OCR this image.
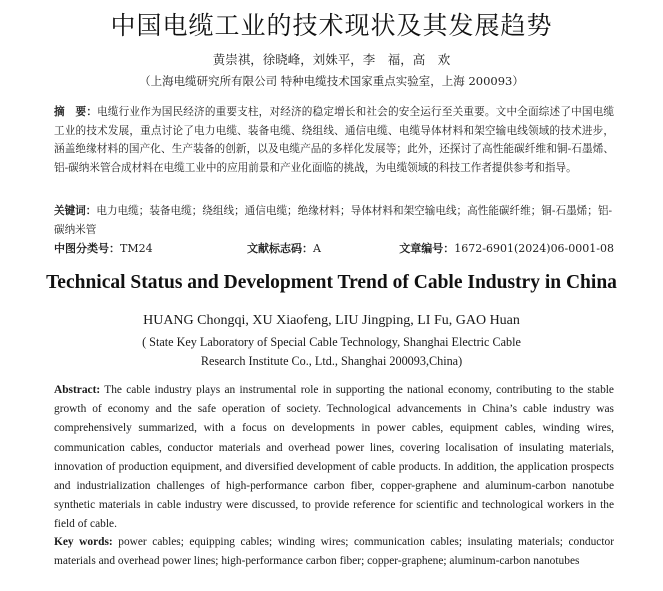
中国电缆工业的技术现状及其发展趋势
黄崇祺，徐晓峰，刘姝平，李　福，高　欢
（上海电缆研究所有限公司 特种电缆技术国家重点实验室，上海 200093）
摘　要：电缆行业作为国民经济的重要支柱，对经济的稳定增长和社会的安全运行至关重要。文中全面综述了中国电缆工业的技术发展，重点讨论了电力电缆、装备电缆、绕组线、通信电缆、电缆导体材料和架空输电线领域的技术进步，涵盖绝缘材料的国产化、生产装备的创新，以及电缆产品的多样化发展等；此外，还探讨了高性能碳纤维和铜-石墨烯、铝-碳纳米管合成材料在电缆工业中的应用前景和产业化面临的挑战，为电缆领域的科技工作者提供参考和指导。
关键词：电力电缆；装备电缆；绕组线；通信电缆；绝缘材料；导体材料和架空输电线；高性能碳纤维；铜-石墨烯；铝-碳纳米管
中图分类号：TM24	文献标志码：A	文章编号：1672-6901(2024)06-0001-08
Technical Status and Development Trend of Cable Industry in China
HUANG Chongqi, XU Xiaofeng, LIU Jingping, LI Fu, GAO Huan
( State Key Laboratory of Special Cable Technology, Shanghai Electric Cable
Research Institute Co., Ltd., Shanghai 200093,China)
Abstract: The cable industry plays an instrumental role in supporting the national economy, contributing to the stable growth of economy and the safe operation of society. Technological advancements in China’s cable industry was comprehensively summarized, with a focus on developments in power cables, equipment cables, winding wires, communication cables, conductor materials and overhead power lines, covering localisation of insulating materials, innovation of production equipment, and diversified development of cable products. In addition, the application prospects and industrialization challenges of high-performance carbon fiber, copper-graphene and aluminum-carbon nanotube synthetic materials in cable industry were discussed, to provide reference for scientific and technological workers in the field of cable.
Key words: power cables; equipping cables; winding wires; communication cables; insulating materials; conductor materials and overhead power lines; high-performance carbon fiber; copper-graphene; aluminum-carbon nanotubes
